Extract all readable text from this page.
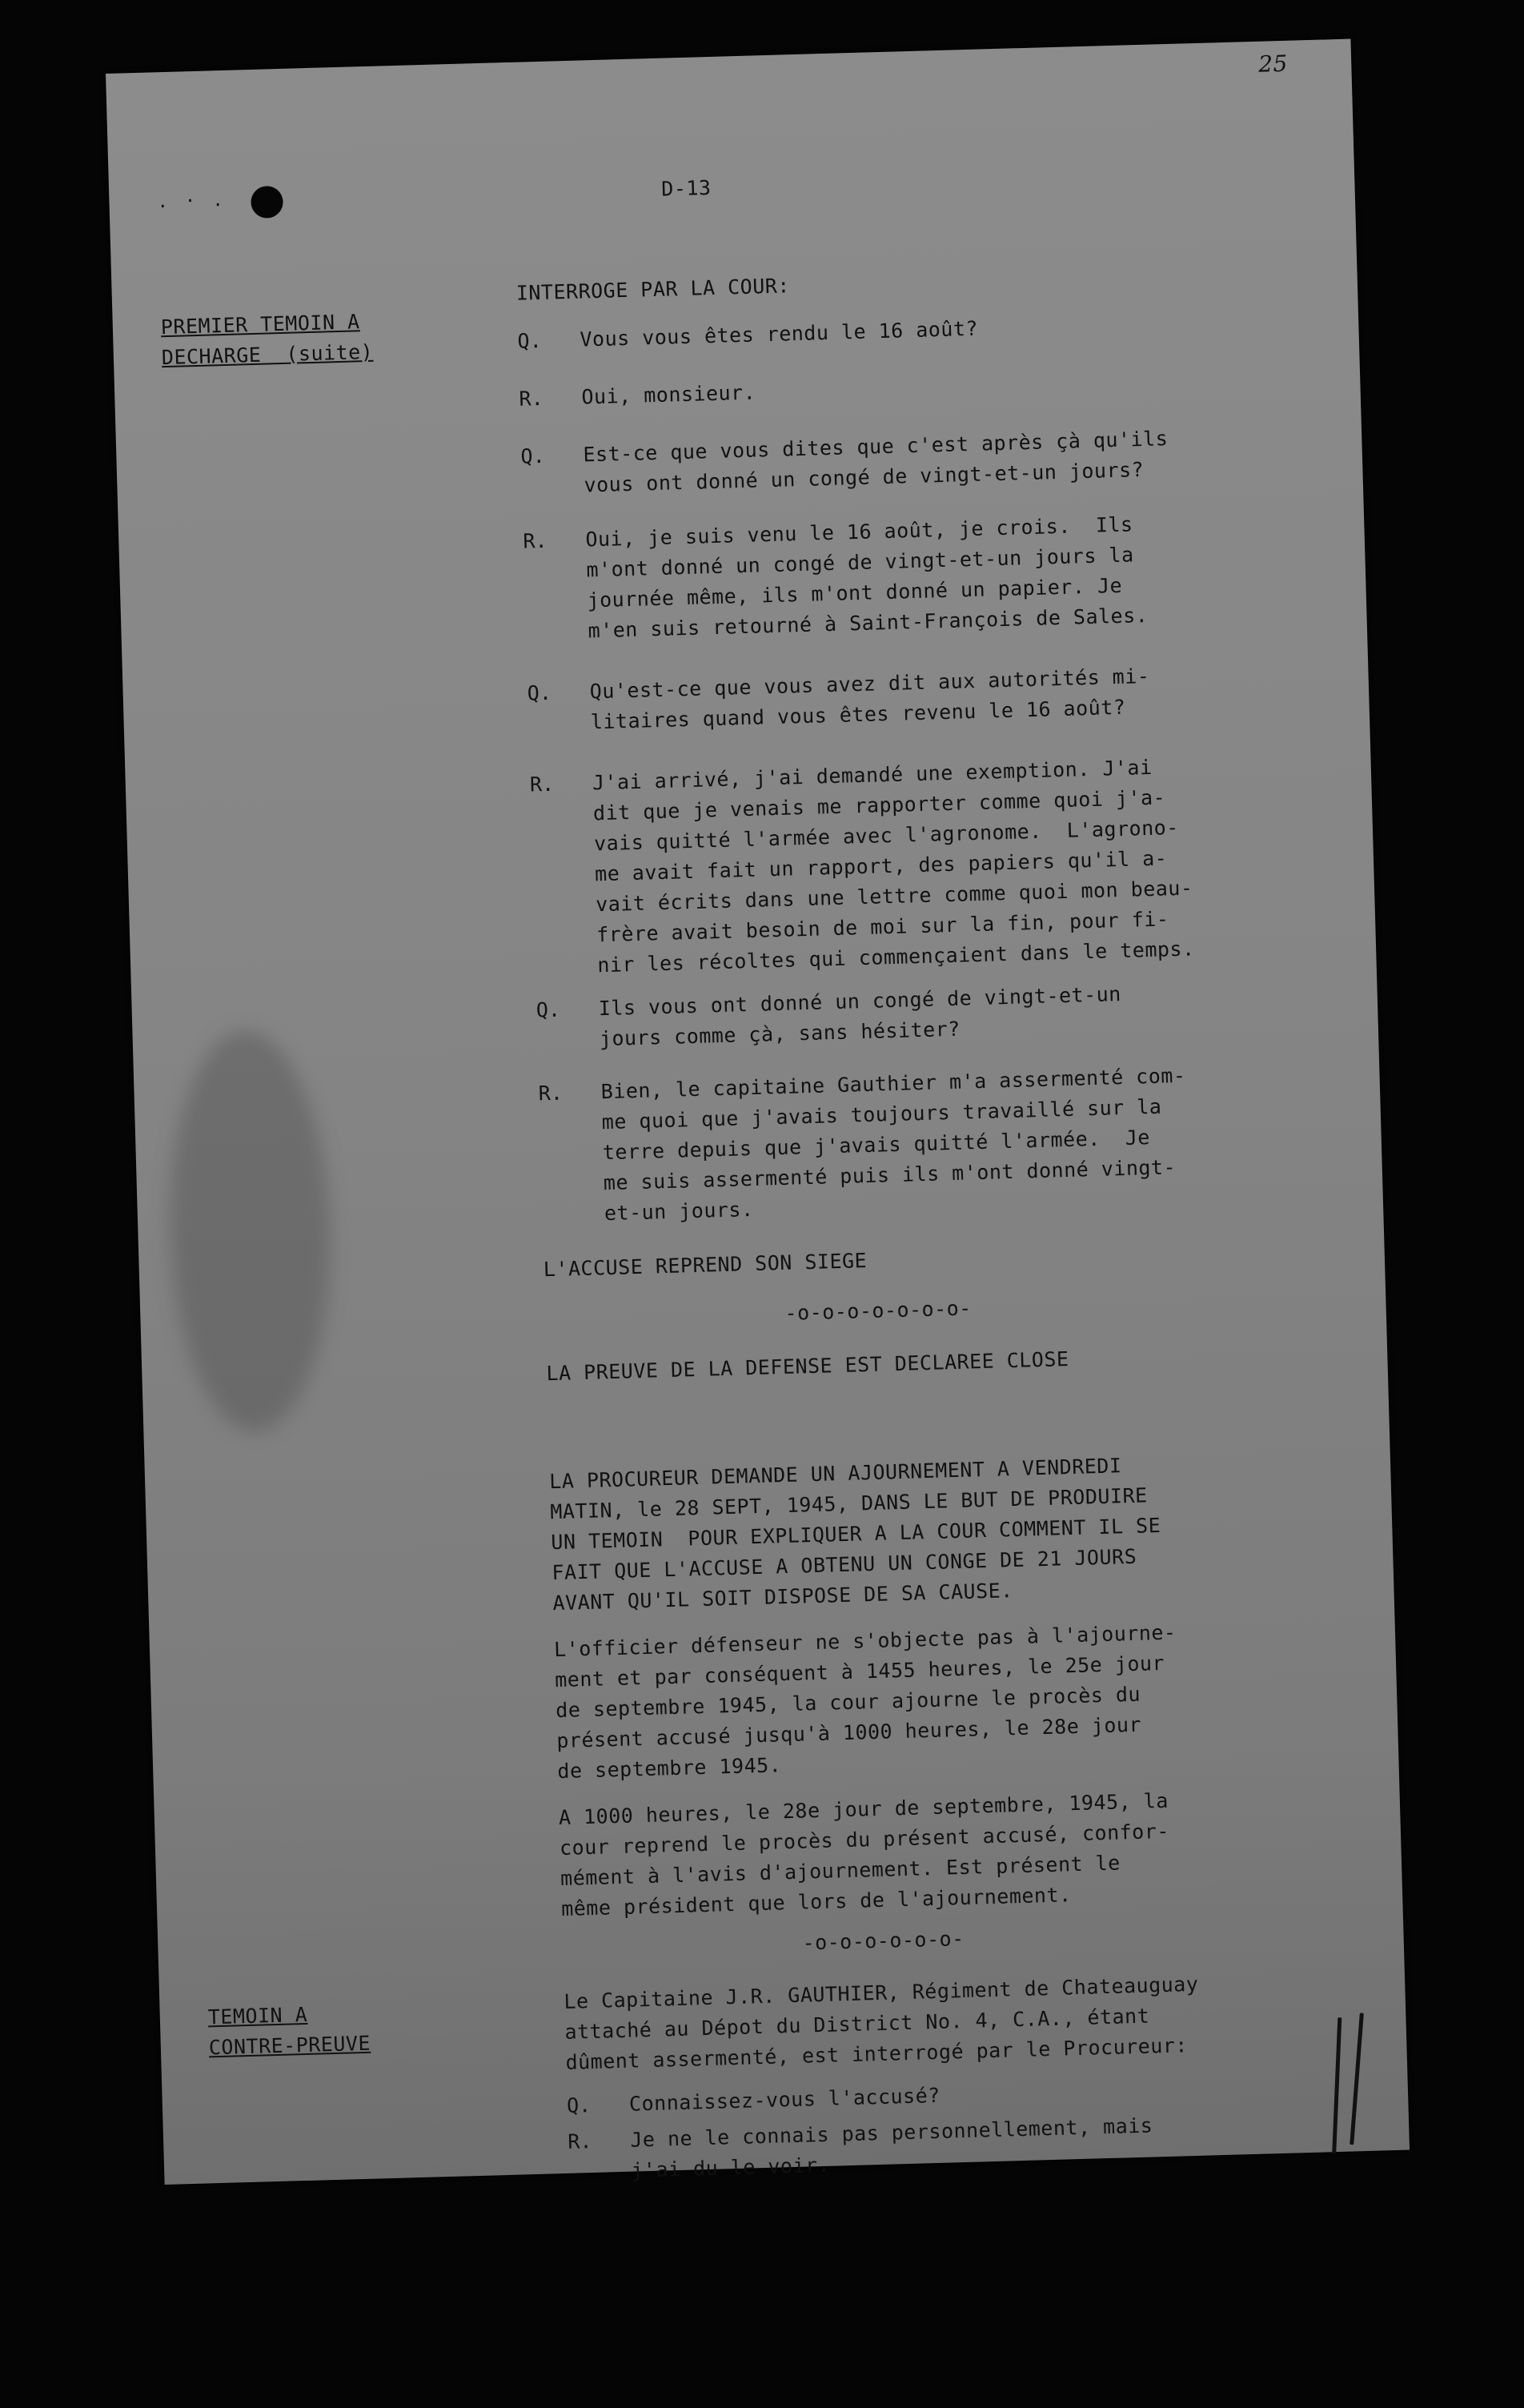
. · .
25
D-13
PREMIER TEMOIN A
DECHARGE  (suite)
INTERROGE PAR LA COUR:
Q. Vous vous êtes rendu le 16 août?
R. Oui, monsieur.
Q. Est-ce que vous dites que c'est après çà qu'ils
vous ont donné un congé de vingt-et-un jours?
R. Oui, je suis venu le 16 août, je crois.  Ils
m'ont donné un congé de vingt-et-un jours la
journée même, ils m'ont donné un papier. Je
m'en suis retourné à Saint-François de Sales.
Q. Qu'est-ce que vous avez dit aux autorités mi-
litaires quand vous êtes revenu le 16 août?
R. J'ai arrivé, j'ai demandé une exemption. J'ai
dit que je venais me rapporter comme quoi j'a-
vais quitté l'armée avec l'agronome.  L'agrono-
me avait fait un rapport, des papiers qu'il a-
vait écrits dans une lettre comme quoi mon beau-
frère avait besoin de moi sur la fin, pour fi-
nir les récoltes qui commençaient dans le temps.
Q. Ils vous ont donné un congé de vingt-et-un
jours comme çà, sans hésiter?
R. Bien, le capitaine Gauthier m'a assermenté com-
me quoi que j'avais toujours travaillé sur la
terre depuis que j'avais quitté l'armée.  Je
me suis assermenté puis ils m'ont donné vingt-
et-un jours.
L'ACCUSE REPREND SON SIEGE
-o-o-o-o-o-o-o-
LA PREUVE DE LA DEFENSE EST DECLAREE CLOSE
LA PROCUREUR DEMANDE UN AJOURNEMENT A VENDREDI
MATIN, le 28 SEPT, 1945, DANS LE BUT DE PRODUIRE
UN TEMOIN  POUR EXPLIQUER A LA COUR COMMENT IL SE
FAIT QUE L'ACCUSE A OBTENU UN CONGE DE 21 JOURS
AVANT QU'IL SOIT DISPOSE DE SA CAUSE.
L'officier défenseur ne s'objecte pas à l'ajourne-
ment et par conséquent à 1455 heures, le 25e jour
de septembre 1945, la cour ajourne le procès du
présent accusé jusqu'à 1000 heures, le 28e jour
de septembre 1945.
A 1000 heures, le 28e jour de septembre, 1945, la
cour reprend le procès du présent accusé, confor-
mément à l'avis d'ajournement. Est présent le
même président que lors de l'ajournement.
-o-o-o-o-o-o-
TEMOIN A
CONTRE-PREUVE
Le Capitaine J.R. GAUTHIER, Régiment de Chateauguay
attaché au Dépot du District No. 4, C.A., étant
dûment assermenté, est interrogé par le Procureur:
Q. Connaissez-vous l'accusé?
R. Je ne le connais pas personnellement, mais
j'ai du le voir.
